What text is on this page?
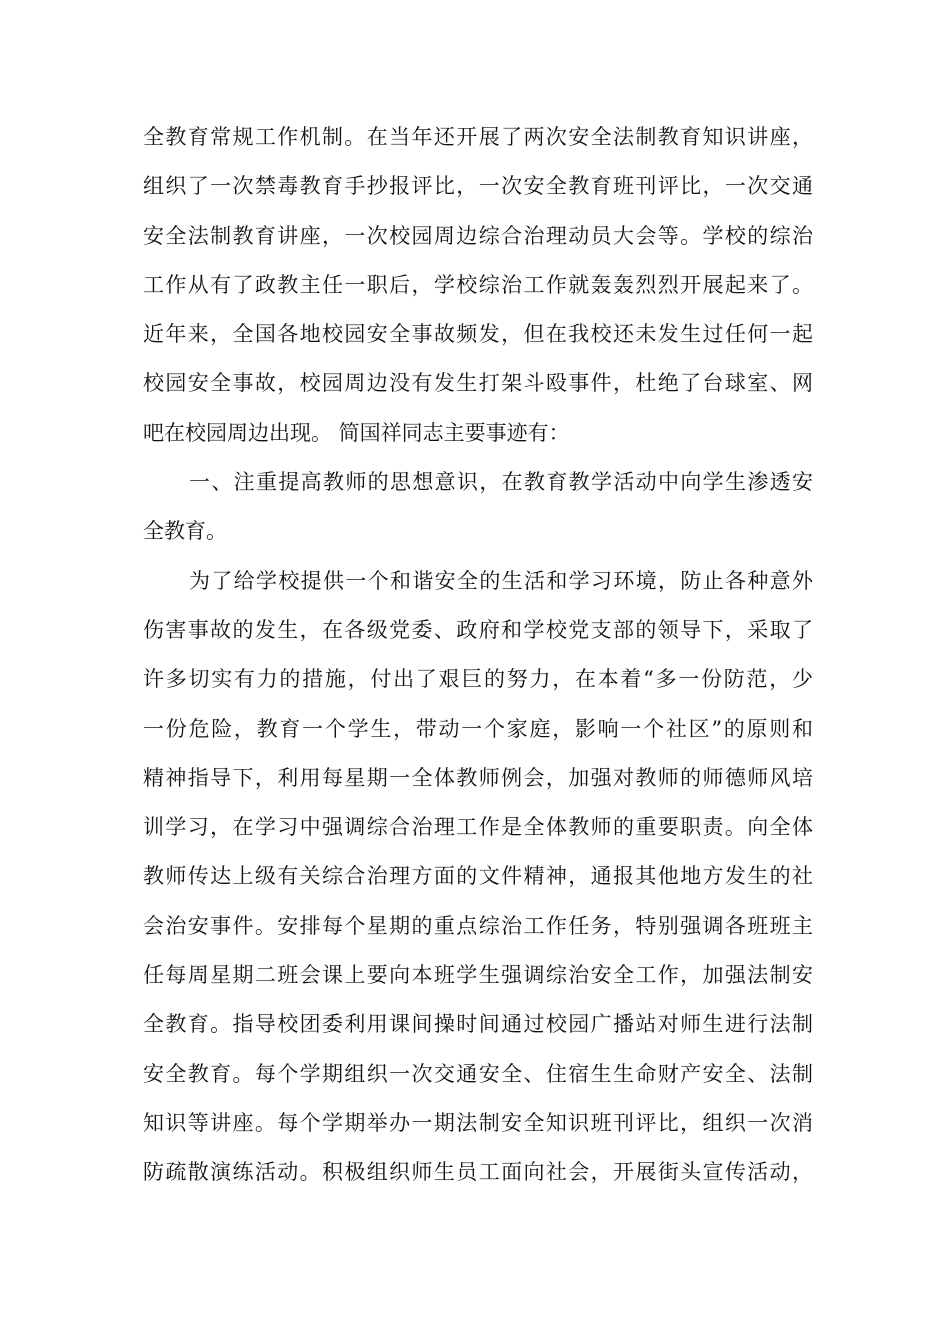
全教育常规工作机制。在当年还开展了两次安全法制教育知识讲座，
组织了一次禁毒教育手抄报评比，一次安全教育班刊评比，一次交通
安全法制教育讲座，一次校园周边综合治理动员大会等。学校的综治
工作从有了政教主任一职后，学校综治工作就轰轰烈烈开展起来了。
近年来，全国各地校园安全事故频发，但在我校还未发生过任何一起
校园安全事故，校园周边没有发生打架斗殴事件，杜绝了台球室、网
吧在校园周边出现。 简国祥同志主要事迹有：
一、注重提高教师的思想意识，在教育教学活动中向学生渗透安
全教育。
为了给学校提供一个和谐安全的生活和学习环境，防止各种意外
伤害事故的发生，在各级党委、政府和学校党支部的领导下，采取了
许多切实有力的措施，付出了艰巨的努力，在本着“多一份防范，少
一份危险，教育一个学生，带动一个家庭，影响一个社区”的原则和
精神指导下，利用每星期一全体教师例会，加强对教师的师德师风培
训学习，在学习中强调综合治理工作是全体教师的重要职责。向全体
教师传达上级有关综合治理方面的文件精神，通报其他地方发生的社
会治安事件。安排每个星期的重点综治工作任务，特别强调各班班主
任每周星期二班会课上要向本班学生强调综治安全工作，加强法制安
全教育。指导校团委利用课间操时间通过校园广播站对师生进行法制
安全教育。每个学期组织一次交通安全、住宿生生命财产安全、法制
知识等讲座。每个学期举办一期法制安全知识班刊评比，组织一次消
防疏散演练活动。积极组织师生员工面向社会，开展街头宣传活动，
